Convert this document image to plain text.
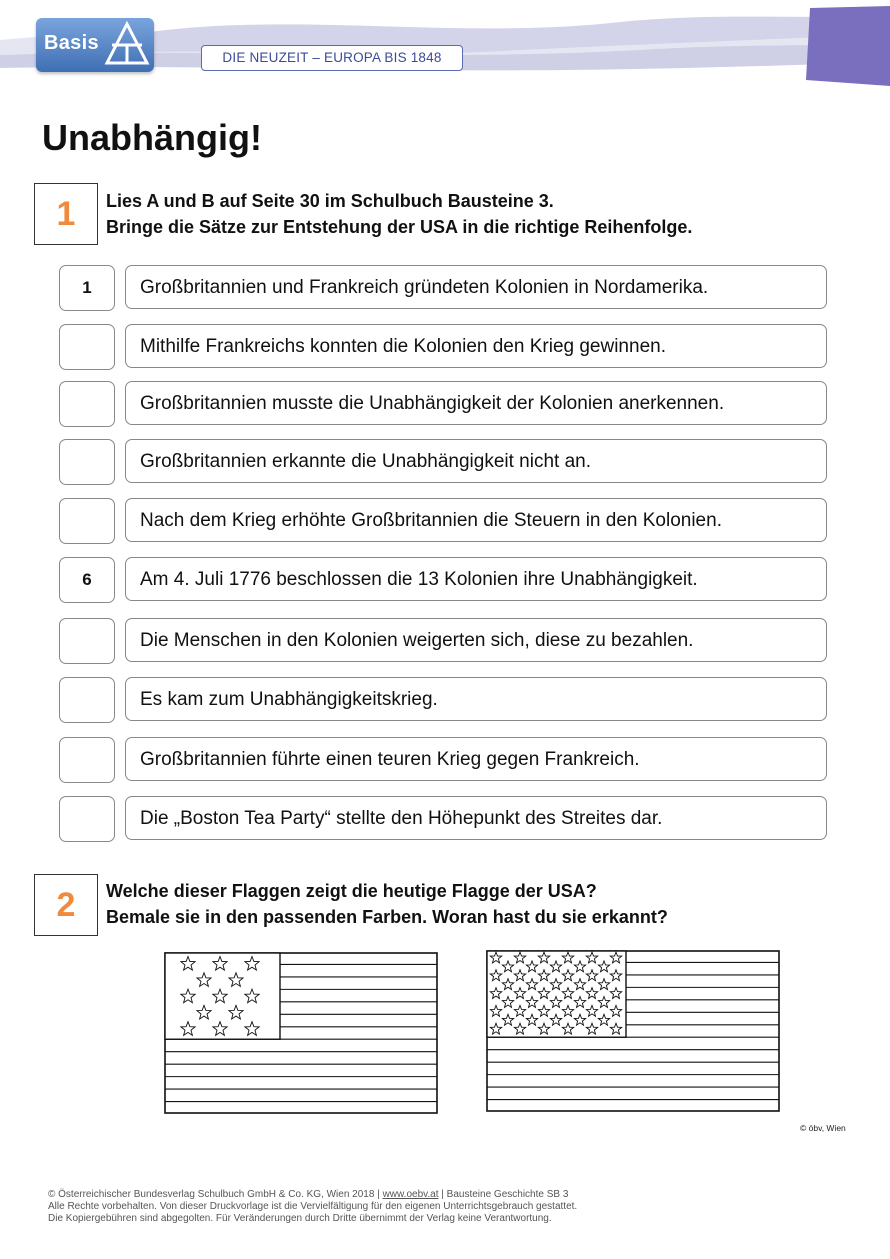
Basis
DIE NEUZEIT – EUROPA BIS 1848
Unabhängig!
1	Lies A und B auf Seite 30 im Schulbuch Bausteine 3.
Bringe die Sätze zur Entstehung der USA in die richtige Reihenfolge.
1	Großbritannien und Frankreich gründeten Kolonien in Nordamerika.
Mithilfe Frankreichs konnten die Kolonien den Krieg gewinnen.
Großbritannien musste die Unabhängigkeit der Kolonien anerkennen.
Großbritannien erkannte die Unabhängigkeit nicht an.
Nach dem Krieg erhöhte Großbritannien die Steuern in den Kolonien.
6	Am 4. Juli 1776 beschlossen die 13 Kolonien ihre Unabhängigkeit.
Die Menschen in den Kolonien weigerten sich, diese zu bezahlen.
Es kam zum Unabhängigkeitskrieg.
Großbritannien führte einen teuren Krieg gegen Frankreich.
Die „Boston Tea Party“ stellte den Höhepunkt des Streites dar.
2	Welche dieser Flaggen zeigt die heutige Flagge der USA?
Bemale sie in den passenden Farben. Woran hast du sie erkannt?
© öbv, Wien
© Österreichischer Bundesverlag Schulbuch GmbH & Co. KG, Wien 2018 | www.oebv.at | Bausteine Geschichte SB 3
Alle Rechte vorbehalten. Von dieser Druckvorlage ist die Vervielfältigung für den eigenen Unterrichtsgebrauch gestattet.
Die Kopiergebühren sind abgegolten. Für Veränderungen durch Dritte übernimmt der Verlag keine Verantwortung.
